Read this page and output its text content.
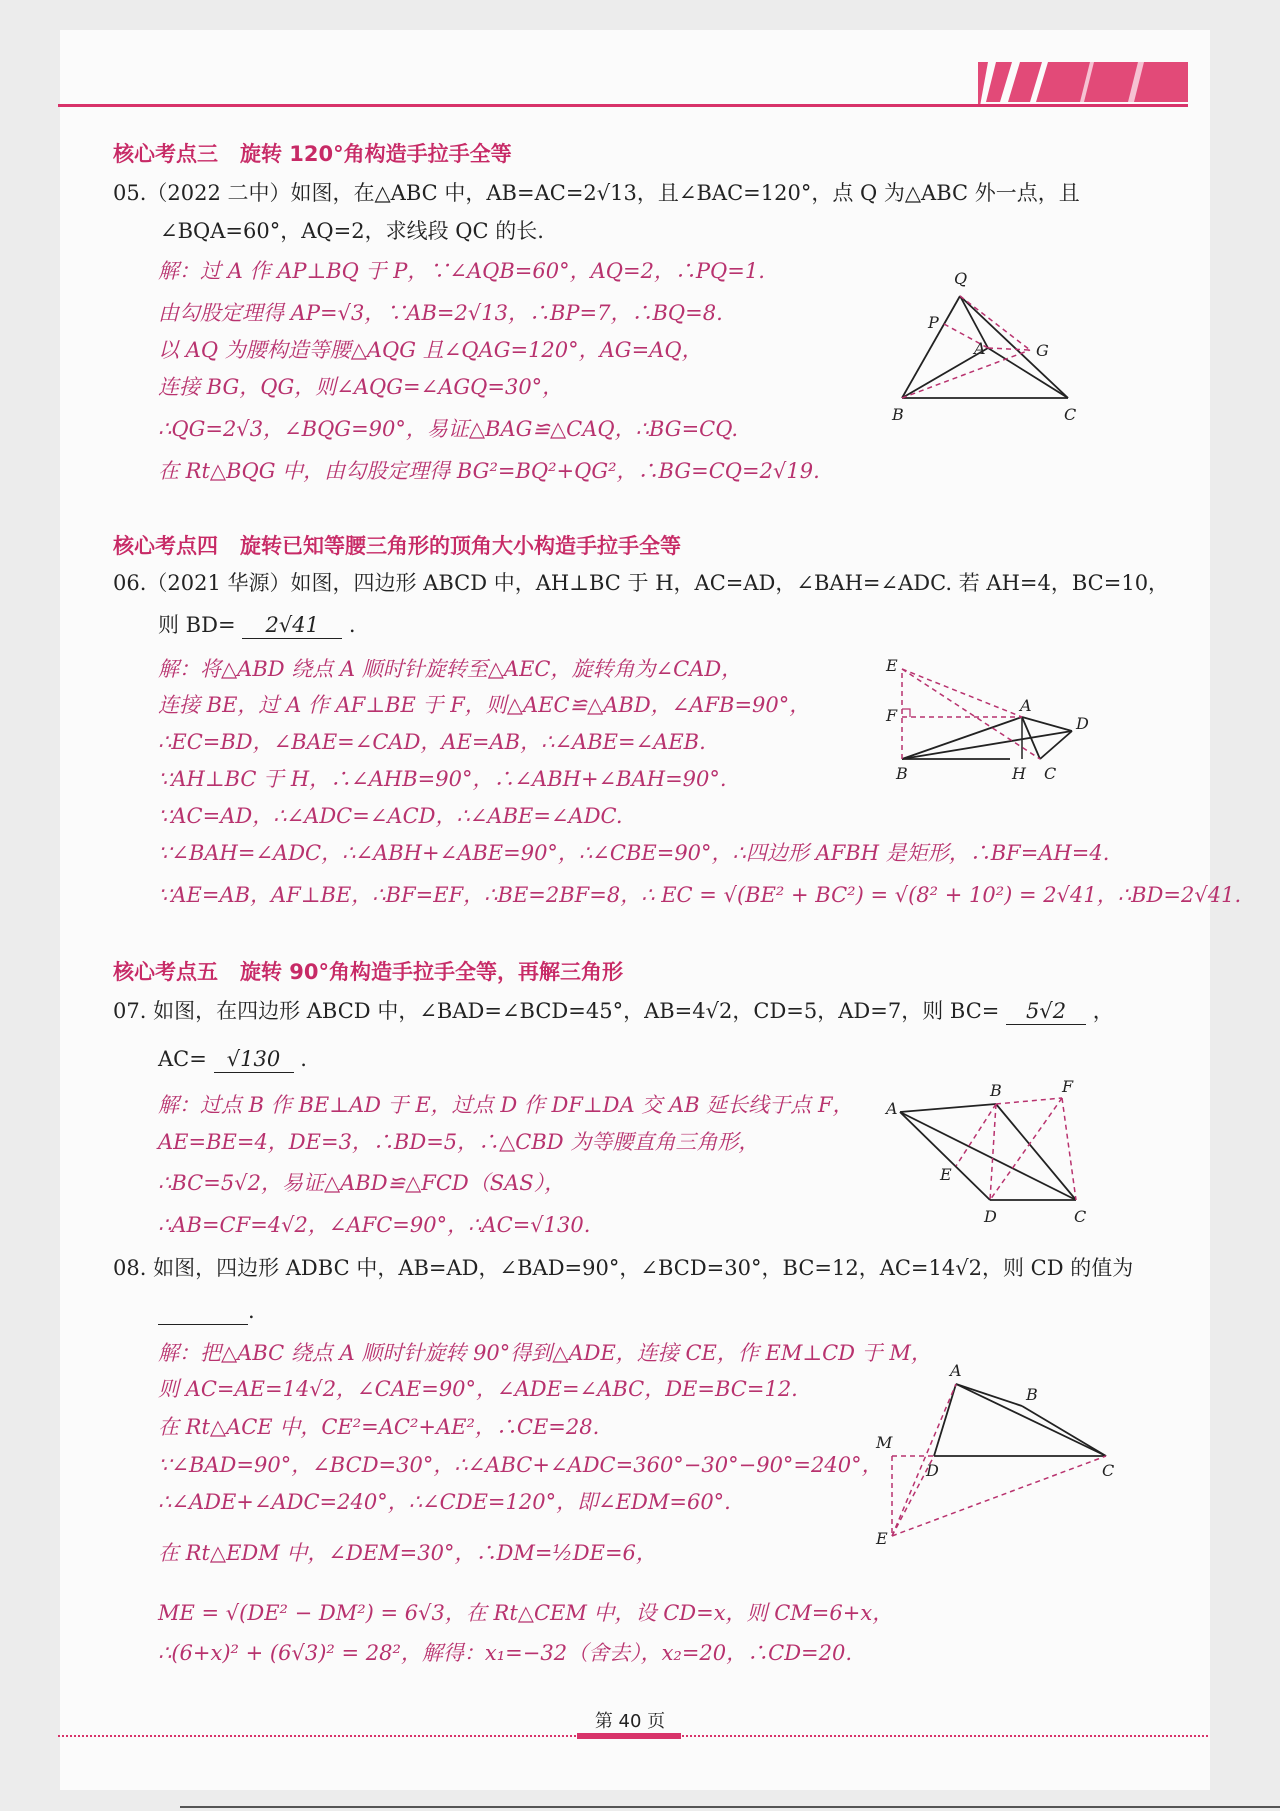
核心考点三 旋转 120°角构造手拉手全等
05.（2022 二中）如图，在△ABC 中，AB=AC=2√13，且∠BAC=120°，点 Q 为△ABC 外一点，且
∠BQA=60°，AQ=2，求线段 QC 的长.
解：过 A 作 AP⊥BQ 于 P，∵∠AQB=60°，AQ=2，∴PQ=1.
由勾股定理得 AP=√3，∵AB=2√13，∴BP=7，∴BQ=8.
以 AQ 为腰构造等腰△AQG 且∠QAG=120°，AG=AQ，
连接 BG，QG，则∠AQG=∠AGQ=30°，
∴QG=2√3，∠BQG=90°，易证△BAG≌△CAQ，∴BG=CQ.
在 Rt△BQG 中，由勾股定理得 BG²=BQ²+QG²，∴BG=CQ=2√19.
Q
P
A	G
B	C
核心考点四 旋转已知等腰三角形的顶角大小构造手拉手全等
06.（2021 华源）如图，四边形 ABCD 中，AH⊥BC 于 H，AC=AD，∠BAH=∠ADC. 若 AH=4，BC=10，
则 BD= 2√41 .
解：将△ABD 绕点 A 顺时针旋转至△AEC，旋转角为∠CAD，
连接 BE，过 A 作 AF⊥BE 于 F，则△AEC≌△ABD，∠AFB=90°，
∴EC=BD，∠BAE=∠CAD，AE=AB，∴∠ABE=∠AEB.
∵AH⊥BC 于 H，∴∠AHB=90°，∴∠ABH+∠BAH=90°.
∵AC=AD，∴∠ADC=∠ACD，∴∠ABE=∠ADC.
∵∠BAH=∠ADC，∴∠ABH+∠ABE=90°，∴∠CBE=90°，∴四边形 AFBH 是矩形，∴BF=AH=4.
∵AE=AB，AF⊥BE，∴BF=EF，∴BE=2BF=8，∴ EC = √(BE² + BC²) = √(8² + 10²) = 2√41，∴BD=2√41.
E
F
A
D
B	H C
核心考点五 旋转 90°角构造手拉手全等，再解三角形
07. 如图，在四边形 ABCD 中，∠BAD=∠BCD=45°，AB=4√2，CD=5，AD=7，则 BC= 5√2 ，
AC= √130 .
解：过点 B 作 BE⊥AD 于 E，过点 D 作 DF⊥DA 交 AB 延长线于点 F，
AE=BE=4，DE=3，∴BD=5，∴△CBD 为等腰直角三角形，
∴BC=5√2，易证△ABD≌△FCD（SAS），
∴AB=CF=4√2，∠AFC=90°，∴AC=√130.
A
B	F
E
D	C
08. 如图，四边形 ADBC 中，AB=AD，∠BAD=90°，∠BCD=30°，BC=12，AC=14√2，则 CD 的值为
.
解：把△ABC 绕点 A 顺时针旋转 90°得到△ADE，连接 CE，作 EM⊥CD 于 M，
则 AC=AE=14√2，∠CAE=90°，∠ADE=∠ABC，DE=BC=12.
在 Rt△ACE 中，CE²=AC²+AE²，∴CE=28.
∵∠BAD=90°，∠BCD=30°，∴∠ABC+∠ADC=360°−30°−90°=240°，
∴∠ADE+∠ADC=240°，∴∠CDE=120°，即∠EDM=60°.
在 Rt△EDM 中，∠DEM=30°，∴DM=½DE=6，
ME = √(DE² − DM²) = 6√3，在 Rt△CEM 中，设 CD=x，则 CM=6+x，
∴(6+x)² + (6√3)² = 28²，解得：x₁=−32（舍去），x₂=20，∴CD=20.
A
B
M
D	C
E
第 40 页
